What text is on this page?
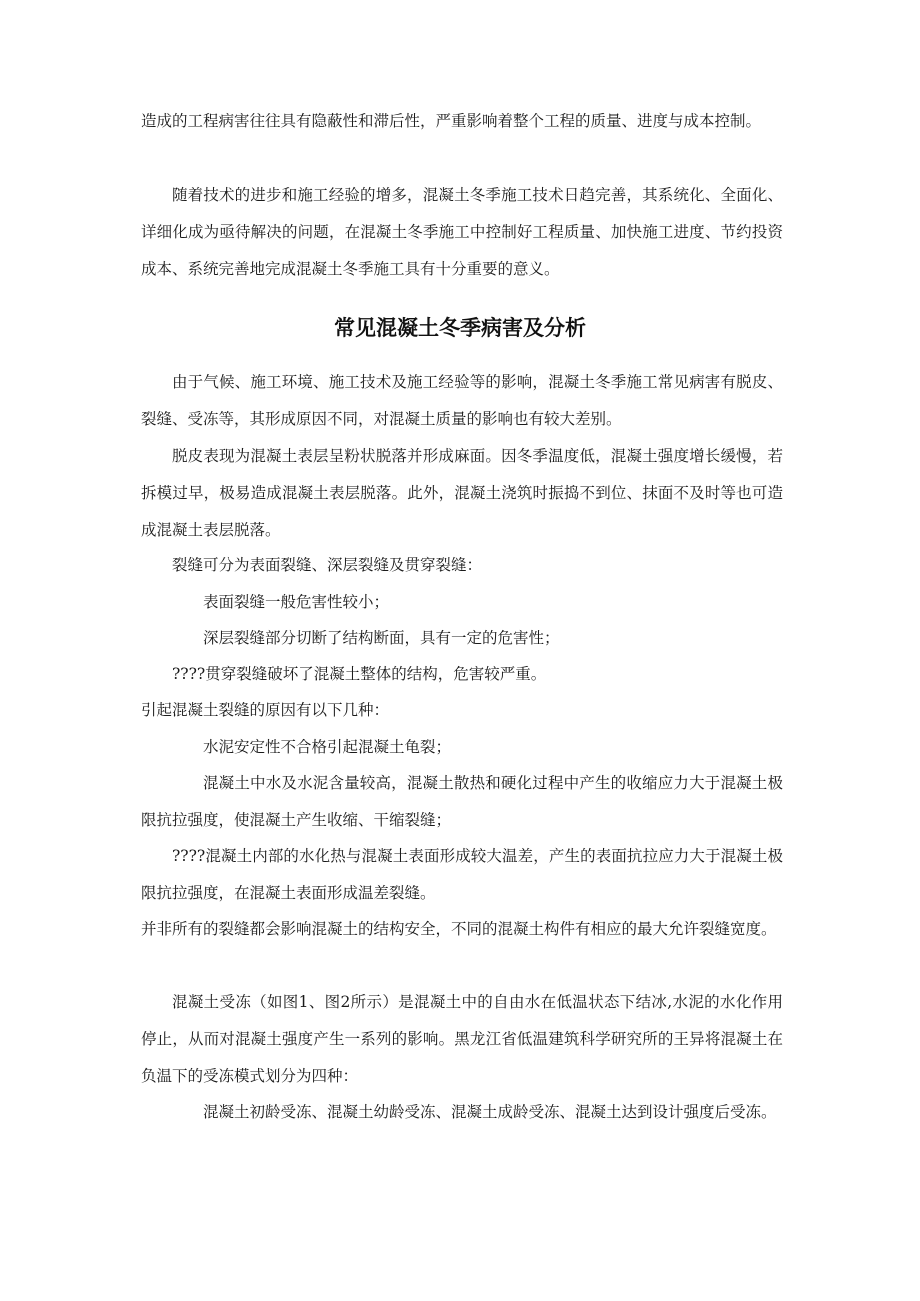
造成的工程病害往往具有隐蔽性和滞后性，严重影响着整个工程的质量、进度与成本控制。

随着技术的进步和施工经验的增多，混凝土冬季施工技术日趋完善，其系统化、全面化、详细化成为亟待解决的问题，在混凝土冬季施工中控制好工程质量、加快施工进度、节约投资成本、系统完善地完成混凝土冬季施工具有十分重要的意义。

常见混凝土冬季病害及分析

由于气候、施工环境、施工技术及施工经验等的影响，混凝土冬季施工常见病害有脱皮、裂缝、受冻等，其形成原因不同，对混凝土质量的影响也有较大差别。

脱皮表现为混凝土表层呈粉状脱落并形成麻面。因冬季温度低，混凝土强度增长缓慢，若拆模过早，极易造成混凝土表层脱落。此外，混凝土浇筑时振捣不到位、抹面不及时等也可造成混凝土表层脱落。

裂缝可分为表面裂缝、深层裂缝及贯穿裂缝：

表面裂缝一般危害性较小；

深层裂缝部分切断了结构断面，具有一定的危害性；

????贯穿裂缝破坏了混凝土整体的结构，危害较严重。

引起混凝土裂缝的原因有以下几种：

水泥安定性不合格引起混凝土龟裂；

混凝土中水及水泥含量较高，混凝土散热和硬化过程中产生的收缩应力大于混凝土极限抗拉强度，使混凝土产生收缩、干缩裂缝；

????混凝土内部的水化热与混凝土表面形成较大温差，产生的表面抗拉应力大于混凝土极限抗拉强度，在混凝土表面形成温差裂缝。

并非所有的裂缝都会影响混凝土的结构安全，不同的混凝土构件有相应的最大允许裂缝宽度。

混凝土受冻（如图1、图2所示）是混凝土中的自由水在低温状态下结冰,水泥的水化作用停止，从而对混凝土强度产生一系列的影响。黑龙江省低温建筑科学研究所的王异将混凝土在负温下的受冻模式划分为四种：

混凝土初龄受冻、混凝土幼龄受冻、混凝土成龄受冻、混凝土达到设计强度后受冻。
